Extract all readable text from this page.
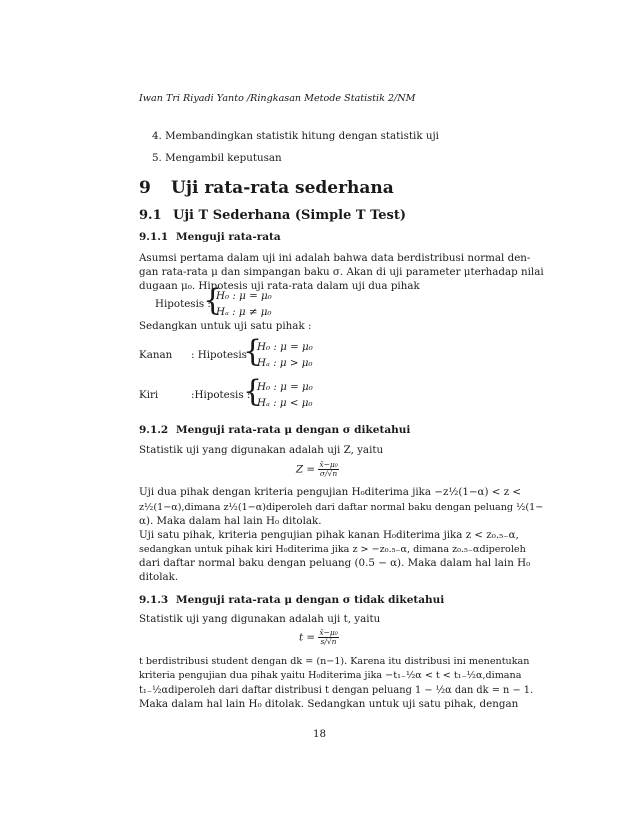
Iwan Tri Riyadi Yanto /Ringkasan Metode Statistik 2/NM
4. Membandingkan statistik hitung dengan statistik uji
5. Mengambil keputusan
9 Uji rata-rata sederhana
9.1 Uji T Sederhana (Simple T Test)
9.1.1 Menguji rata-rata
Asumsi pertama dalam uji ini adalah bahwa data berdistribusi normal den-
gan rata-rata μ dan simpangan baku σ. Akan di uji parameter μterhadap nilai
dugaan μ₀. Hipotesis uji rata-rata dalam uji dua pihak
Hipotesis :
{
H₀ : μ = μ₀
Hₐ : μ ≠ μ₀
Sedangkan untuk uji satu pihak :
Kanan : Hipotesis :
{
H₀ : μ = μ₀
Hₐ : μ > μ₀
Kiri	:Hipotesis :
{
H₀ : μ = μ₀
Hₐ : μ < μ₀
9.1.2 Menguji rata-rata μ dengan σ diketahui
Statistik uji yang digunakan adalah uji Z, yaitu
$Z = \frac{\text{x̄−μ₀}}{\sigma/√n}$
Uji dua pihak dengan kriteria pengujian H₀diterima jika −z½(1−α) < z <
z½(1−α),dimana z½(1−α)diperoleh dari daftar normal baku dengan peluang ½(1−
α). Maka dalam hal lain H₀ ditolak.
Uji satu pihak, kriteria pengujian pihak kanan H₀diterima jika z < z₀.₅₋α,
sedangkan untuk pihak kiri H₀diterima jika z > −z₀.₅₋α, dimana z₀.₅₋αdiperoleh
dari daftar normal baku dengan peluang (0.5 − α). Maka dalam hal lain H₀
ditolak.
9.1.3 Menguji rata-rata μ dengan σ tidak diketahui
Statistik uji yang digunakan adalah uji t, yaitu
$t = \frac{\text{x̄−μ₀}}{s/√n}$
t berdistribusi student dengan dk = (n−1). Karena itu distribusi ini menentukan
kriteria pengujian dua pihak yaitu H₀diterima jika −t₁₋½α < t < t₁₋½α,dimana
t₁₋½αdiperoleh dari daftar distribusi t dengan peluang 1 − ½α dan dk = n − 1.
Maka dalam hal lain H₀ ditolak. Sedangkan untuk uji satu pihak, dengan
18
